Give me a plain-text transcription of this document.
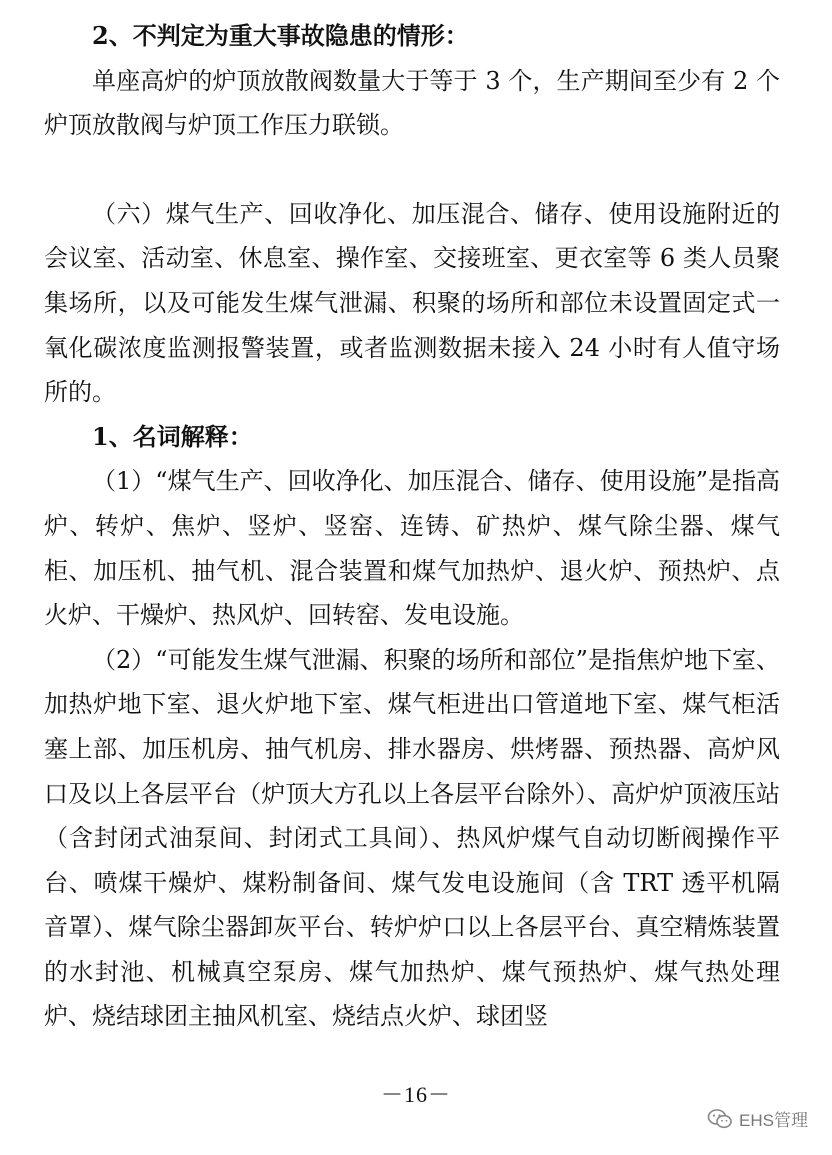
2、不判定为重大事故隐患的情形：

单座高炉的炉顶放散阀数量大于等于 3 个，生产期间至少有 2 个炉顶放散阀与炉顶工作压力联锁。

（六）煤气生产、回收净化、加压混合、储存、使用设施附近的会议室、活动室、休息室、操作室、交接班室、更衣室等 6 类人员聚集场所，以及可能发生煤气泄漏、积聚的场所和部位未设置固定式一氧化碳浓度监测报警装置，或者监测数据未接入 24 小时有人值守场所的。

1、名词解释：

（1）“煤气生产、回收净化、加压混合、储存、使用设施”是指高炉、转炉、焦炉、竖炉、竖窑、连铸、矿热炉、煤气除尘器、煤气柜、加压机、抽气机、混合装置和煤气加热炉、退火炉、预热炉、点火炉、干燥炉、热风炉、回转窑、发电设施。

（2）“可能发生煤气泄漏、积聚的场所和部位”是指焦炉地下室、加热炉地下室、退火炉地下室、煤气柜进出口管道地下室、煤气柜活塞上部、加压机房、抽气机房、排水器房、烘烤器、预热器、高炉风口及以上各层平台（炉顶大方孔以上各层平台除外）、高炉炉顶液压站（含封闭式油泵间、封闭式工具间）、热风炉煤气自动切断阀操作平台、喷煤干燥炉、煤粉制备间、煤气发电设施间（含 TRT 透平机隔音罩）、煤气除尘器卸灰平台、转炉炉口以上各层平台、真空精炼装置的水封池、机械真空泵房、煤气加热炉、煤气预热炉、煤气热处理炉、烧结球团主抽风机室、烧结点火炉、球团竖

－16－
EHS管理
